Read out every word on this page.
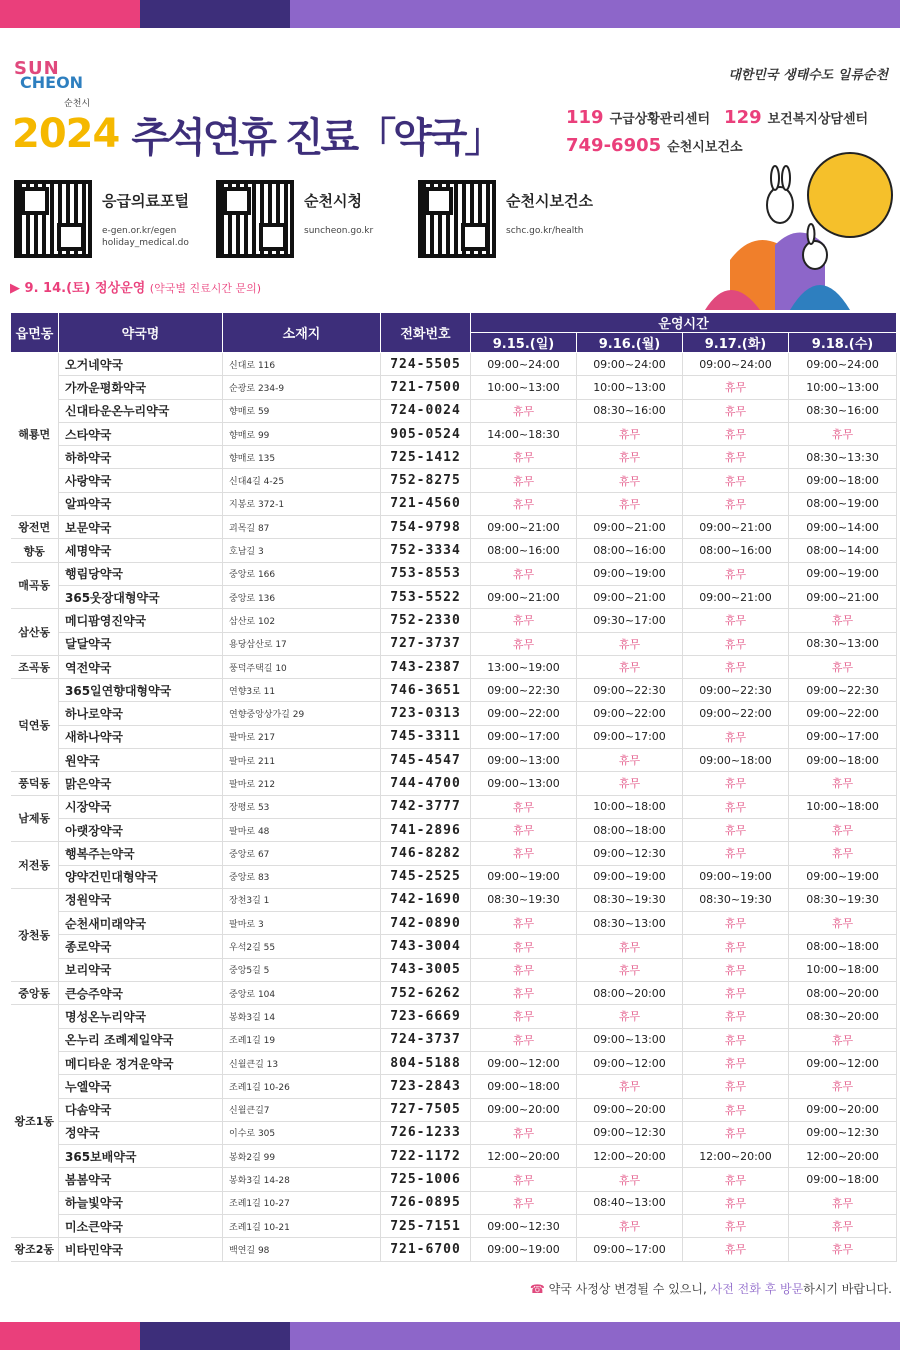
SUN
CHEON
순천시
대한민국 생태수도 일류순천
2024 추석연휴 진료「약국」	119 구급상황관리센터 129 보건복지상담센터
749-6905 순천시보건소
응급의료포털
e-gen.or.kr/egen
holiday_medical.do
순천시청
suncheon.go.kr
순천시보건소
schc.go.kr/health
▶ 9. 14.(토) 정상운영 (약국별 진료시간 문의)
읍면동	약국명	소재지	전화번호	운영시간			
				9.15.(일)	9.16.(월)	9.17.(화)	9.18.(수)
해룡면	오거네약국	신대로 116	724-5505	09:00~24:00	09:00~24:00	09:00~24:00	09:00~24:00
	가까운평화약국	순광로 234-9	721-7500	10:00~13:00	10:00~13:00	휴무	10:00~13:00
	신대타운온누리약국	향매로 59	724-0024	휴무	08:30~16:00	휴무	08:30~16:00
	스타약국	향매로 99	905-0524	14:00~18:30	휴무	휴무	휴무
	하하약국	향매로 135	725-1412	휴무	휴무	휴무	08:30~13:30
	사랑약국	신대4길 4-25	752-8275	휴무	휴무	휴무	09:00~18:00
	알파약국	지봉로 372-1	721-4560	휴무	휴무	휴무	08:00~19:00
왕전면	보문약국	괴목길 87	754-9798	09:00~21:00	09:00~21:00	09:00~21:00	09:00~14:00
향동	세명약국	호남길 3	752-3334	08:00~16:00	08:00~16:00	08:00~16:00	08:00~14:00
매곡동	행림당약국	중앙로 166	753-8553	휴무	09:00~19:00	휴무	09:00~19:00
	365웃장대형약국	중앙로 136	753-5522	09:00~21:00	09:00~21:00	09:00~21:00	09:00~21:00
삼산동	메디팜영진약국	삼산로 102	752-2330	휴무	09:30~17:00	휴무	휴무
	달달약국	용당삼산로 17	727-3737	휴무	휴무	휴무	08:30~13:00
조곡동	역전약국	풍덕주택길 10	743-2387	13:00~19:00	휴무	휴무	휴무
덕연동	365일연향대형약국	연향3로 11	746-3651	09:00~22:30	09:00~22:30	09:00~22:30	09:00~22:30
	하나로약국	연향중앙상가길 29	723-0313	09:00~22:00	09:00~22:00	09:00~22:00	09:00~22:00
	새하나약국	팔마로 217	745-3311	09:00~17:00	09:00~17:00	휴무	09:00~17:00
	원약국	팔마로 211	745-4547	09:00~13:00	휴무	09:00~18:00	09:00~18:00
풍덕동	맑은약국	팔마로 212	744-4700	09:00~13:00	휴무	휴무	휴무
남제동	시장약국	장평로 53	742-3777	휴무	10:00~18:00	휴무	10:00~18:00
	아랫장약국	팔마로 48	741-2896	휴무	08:00~18:00	휴무	휴무
저전동	행복주는약국	중앙로 67	746-8282	휴무	09:00~12:30	휴무	휴무
	양약건민대형약국	중앙로 83	745-2525	09:00~19:00	09:00~19:00	09:00~19:00	09:00~19:00
장천동	정원약국	장천3길 1	742-1690	08:30~19:30	08:30~19:30	08:30~19:30	08:30~19:30
	순천새미래약국	팔마로 3	742-0890	휴무	08:30~13:00	휴무	휴무
	종로약국	우석2길 55	743-3004	휴무	휴무	휴무	08:00~18:00
	보리약국	중앙5길 5	743-3005	휴무	휴무	휴무	10:00~18:00
중앙동	큰승주약국	중앙로 104	752-6262	휴무	08:00~20:00	휴무	08:00~20:00
왕조1동	명성온누리약국	봉화3길 14	723-6669	휴무	휴무	휴무	08:30~20:00
	온누리 조례제일약국	조례1길 19	724-3737	휴무	09:00~13:00	휴무	휴무
	메디타운 정겨운약국	신월큰길 13	804-5188	09:00~12:00	09:00~12:00	휴무	09:00~12:00
	누엘약국	조례1길 10-26	723-2843	09:00~18:00	휴무	휴무	휴무
	다솜약국	신월큰길7	727-7505	09:00~20:00	09:00~20:00	휴무	09:00~20:00
	정약국	이수로 305	726-1233	휴무	09:00~12:30	휴무	09:00~12:30
	365보배약국	봉화2길 99	722-1172	12:00~20:00	12:00~20:00	12:00~20:00	12:00~20:00
	봄봄약국	봉화3길 14-28	725-1006	휴무	휴무	휴무	09:00~18:00
	하늘빛약국	조례1길 10-27	726-0895	휴무	08:40~13:00	휴무	휴무
	미소큰약국	조례1길 10-21	725-7151	09:00~12:30	휴무	휴무	휴무
왕조2동	비타민약국	백연길 98	721-6700	09:00~19:00	09:00~17:00	휴무	휴무
☎ 약국 사정상 변경될 수 있으니, 사전 전화 후 방문하시기 바랍니다.
